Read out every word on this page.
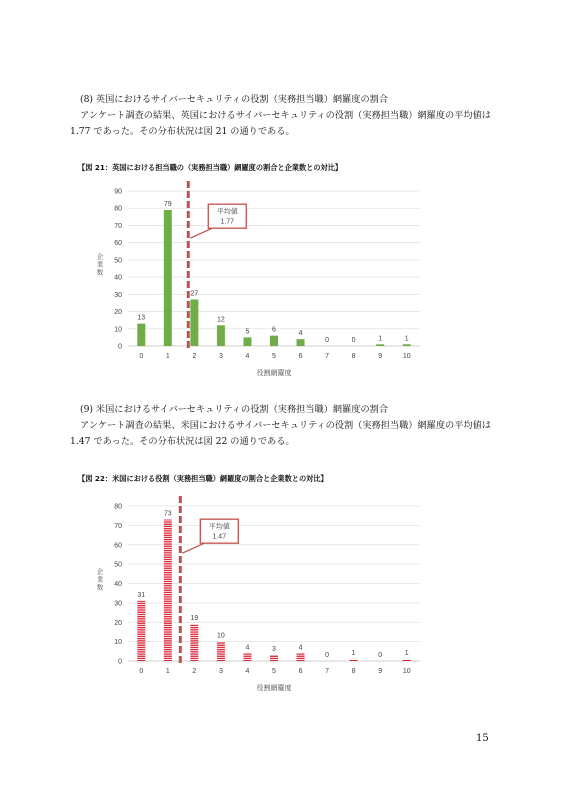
(8) 英国におけるサイバーセキュリティの役割（実務担当職）網羅度の割合
アンケート調査の結果、英国におけるサイバーセキュリティの役割（実務担当職）網羅度の平均値は 1.77 であった。その分布状況は図 21 の通りである。
【図 21：英国における担当職の（実務担当職）網羅度の割合と企業数との対比】
0
10
20
30
40
50
60
70
80
90
13
0
79
1
27
2
12
3
5
4
6
5
4
6
0
7
0
8
1
9
1
10
平均値
1.77
企業数
役割網羅度
(9) 米国におけるサイバーセキュリティの役割（実務担当職）網羅度の割合
アンケート調査の結果、米国におけるサイバーセキュリティの役割（実務担当職）網羅度の平均値は 1.47 であった。その分布状況は図 22 の通りである。
【図 22：米国における役割（実務担当職）網羅度の割合と企業数との対比】
0
10
20
30
40
50
60
70
80
31
0
73
1
19
2
10
3
4
4
3
5
4
6
0
7
1
8
0
9
1
10
平均値
1.47
企業数
役割網羅度
15
